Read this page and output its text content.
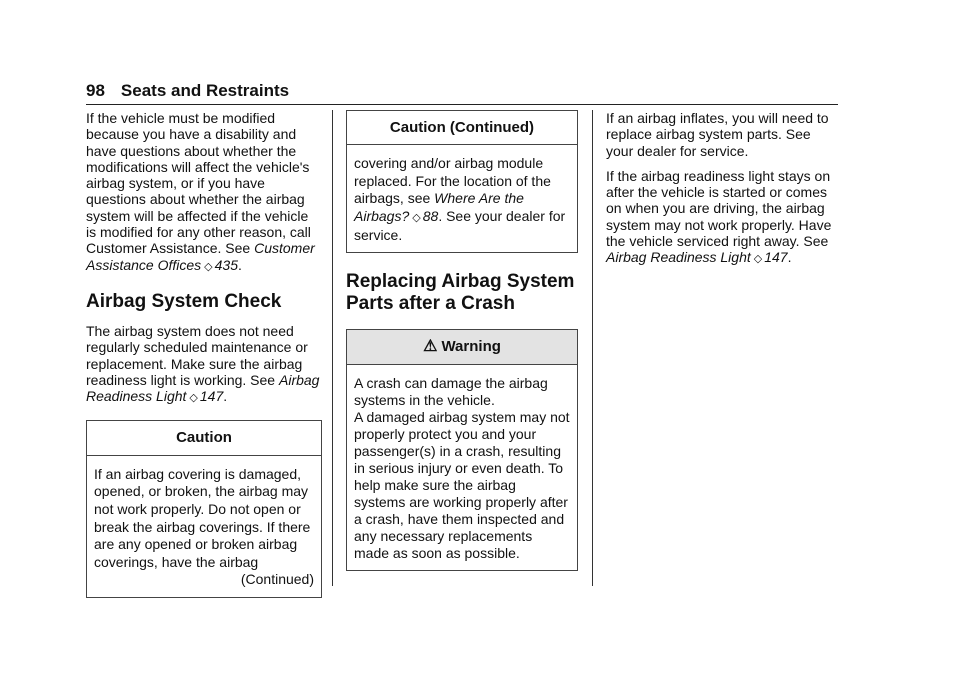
98 Seats and Restraints

If the vehicle must be modified because you have a disability and have questions about whether the modifications will affect the vehicle's airbag system, or if you have questions about whether the airbag system will be affected if the vehicle is modified for any other reason, call Customer Assistance. See Customer Assistance Offices ◇ 435.

Airbag System Check

The airbag system does not need regularly scheduled maintenance or replacement. Make sure the airbag readiness light is working. See Airbag Readiness Light ◇ 147.

Caution

If an airbag covering is damaged, opened, or broken, the airbag may not work properly. Do not open or break the airbag coverings. If there are any opened or broken airbag coverings, have the airbag

(Continued)
Caution (Continued)

covering and/or airbag module replaced. For the location of the airbags, see Where Are the Airbags? ◇ 88. See your dealer for service.

Replacing Airbag System Parts after a Crash
⚠ Warning

A crash can damage the airbag systems in the vehicle.

A damaged airbag system may not properly protect you and your passenger(s) in a crash, resulting in serious injury or even death. To help make sure the airbag systems are working properly after a crash, have them inspected and any necessary replacements made as soon as possible.

If an airbag inflates, you will need to replace airbag system parts. See your dealer for service.

If the airbag readiness light stays on after the vehicle is started or comes on when you are driving, the airbag system may not work properly. Have the vehicle serviced right away. See Airbag Readiness Light ◇ 147.
